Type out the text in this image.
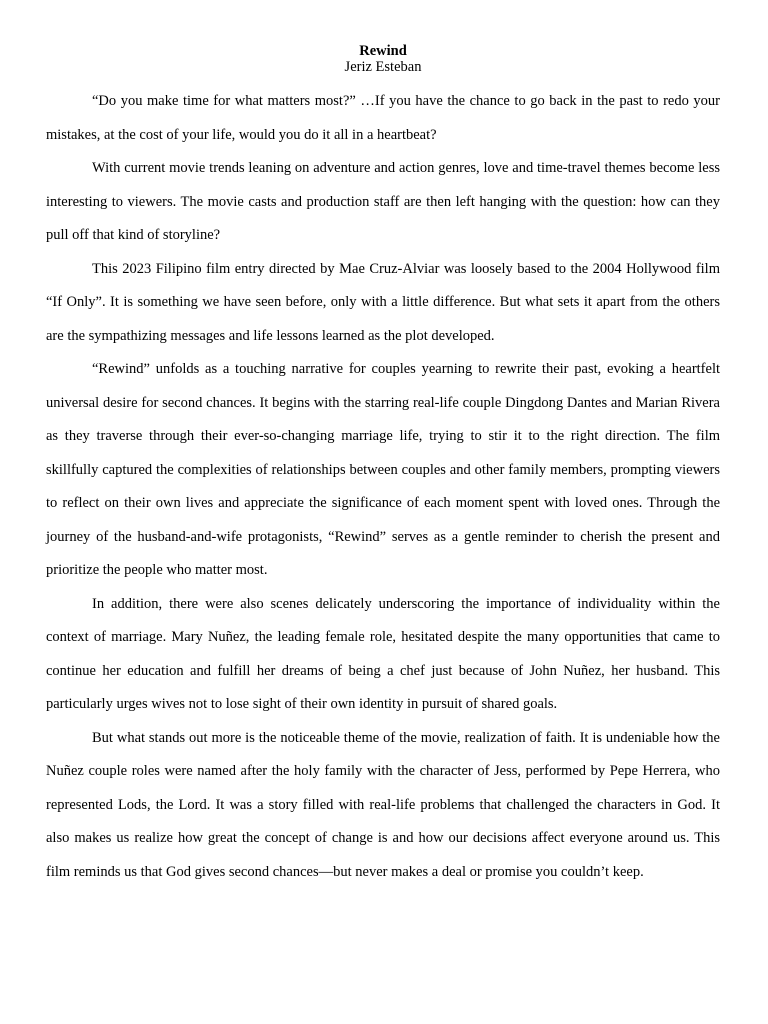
Rewind

Jeriz Esteban

“Do you make time for what matters most?” …If you have the chance to go back in the past to redo your mistakes, at the cost of your life, would you do it all in a heartbeat?

With current movie trends leaning on adventure and action genres, love and time-travel themes become less interesting to viewers. The movie casts and production staff are then left hanging with the question: how can they pull off that kind of storyline?

This 2023 Filipino film entry directed by Mae Cruz-Alviar was loosely based to the 2004 Hollywood film “If Only”. It is something we have seen before, only with a little difference. But what sets it apart from the others are the sympathizing messages and life lessons learned as the plot developed.

“Rewind” unfolds as a touching narrative for couples yearning to rewrite their past, evoking a heartfelt universal desire for second chances. It begins with the starring real-life couple Dingdong Dantes and Marian Rivera as they traverse through their ever-so-changing marriage life, trying to stir it to the right direction. The film skillfully captured the complexities of relationships between couples and other family members, prompting viewers to reflect on their own lives and appreciate the significance of each moment spent with loved ones. Through the journey of the husband-and-wife protagonists, “Rewind” serves as a gentle reminder to cherish the present and prioritize the people who matter most.

In addition, there were also scenes delicately underscoring the importance of individuality within the context of marriage. Mary Nuñez, the leading female role, hesitated despite the many opportunities that came to continue her education and fulfill her dreams of being a chef just because of John Nuñez, her husband. This particularly urges wives not to lose sight of their own identity in pursuit of shared goals.

But what stands out more is the noticeable theme of the movie, realization of faith. It is undeniable how the Nuñez couple roles were named after the holy family with the character of Jess, performed by Pepe Herrera, who represented Lods, the Lord. It was a story filled with real-life problems that challenged the characters in God. It also makes us realize how great the concept of change is and how our decisions affect everyone around us. This film reminds us that God gives second chances—but never makes a deal or promise you couldn’t keep.
